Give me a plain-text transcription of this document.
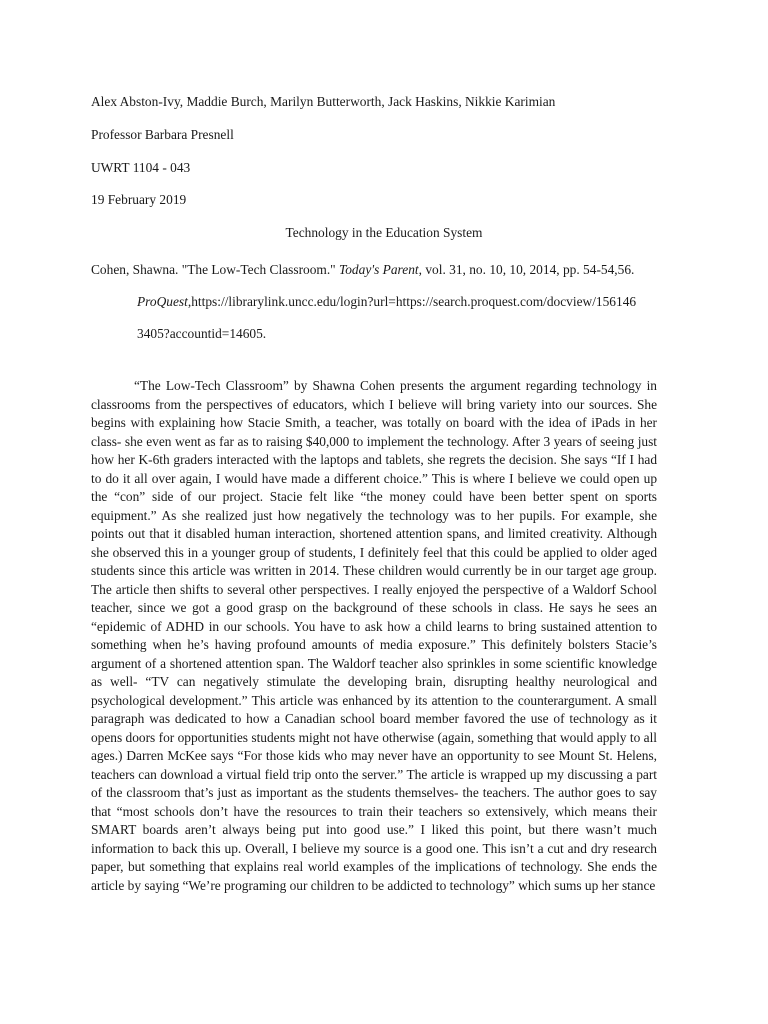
Alex Abston-Ivy, Maddie Burch, Marilyn Butterworth, Jack Haskins, Nikkie Karimian
Professor Barbara Presnell
UWRT 1104 - 043
19 February 2019
Technology in the Education System
Cohen, Shawna. "The Low-Tech Classroom." Today's Parent, vol. 31, no. 10, 10, 2014, pp. 54-54,56.
ProQuest,https://librarylink.uncc.edu/login?url=https://search.proquest.com/docview/156146
3405?accountid=14605.
“The Low-Tech Classroom” by Shawna Cohen presents the argument regarding technology in classrooms from the perspectives of educators, which I believe will bring variety into our sources. She begins with explaining how Stacie Smith, a teacher, was totally on board with the idea of iPads in her class- she even went as far as to raising $40,000 to implement the technology. After 3 years of seeing just how her K-6th graders interacted with the laptops and tablets, she regrets the decision. She says “If I had to do it all over again, I would have made a different choice.” This is where I believe we could open up the “con” side of our project. Stacie felt like “the money could have been better spent on sports equipment.” As she realized just how negatively the technology was to her pupils. For example, she points out that it disabled human interaction, shortened attention spans, and limited creativity. Although she observed this in a younger group of students, I definitely feel that this could be applied to older aged students since this article was written in 2014. These children would currently be in our target age group. The article then shifts to several other perspectives. I really enjoyed the perspective of a Waldorf School teacher, since we got a good grasp on the background of these schools in class. He says he sees an “epidemic of ADHD in our schools. You have to ask how a child learns to bring sustained attention to something when he’s having profound amounts of media exposure.” This definitely bolsters Stacie’s argument of a shortened attention span. The Waldorf teacher also sprinkles in some scientific knowledge as well- “TV can negatively stimulate the developing brain, disrupting healthy neurological and psychological development.” This article was enhanced by its attention to the counterargument. A small paragraph was dedicated to how a Canadian school board member favored the use of technology as it opens doors for opportunities students might not have otherwise (again, something that would apply to all ages.) Darren McKee says “For those kids who may never have an opportunity to see Mount St. Helens, teachers can download a virtual field trip onto the server.” The article is wrapped up my discussing a part of the classroom that’s just as important as the students themselves- the teachers. The author goes to say that “most schools don’t have the resources to train their teachers so extensively, which means their SMART boards aren’t always being put into good use.” I liked this point, but there wasn’t much information to back this up. Overall, I believe my source is a good one. This isn’t a cut and dry research paper, but something that explains real world examples of the implications of technology. She ends the article by saying “We’re programing our children to be addicted to technology” which sums up her stance
